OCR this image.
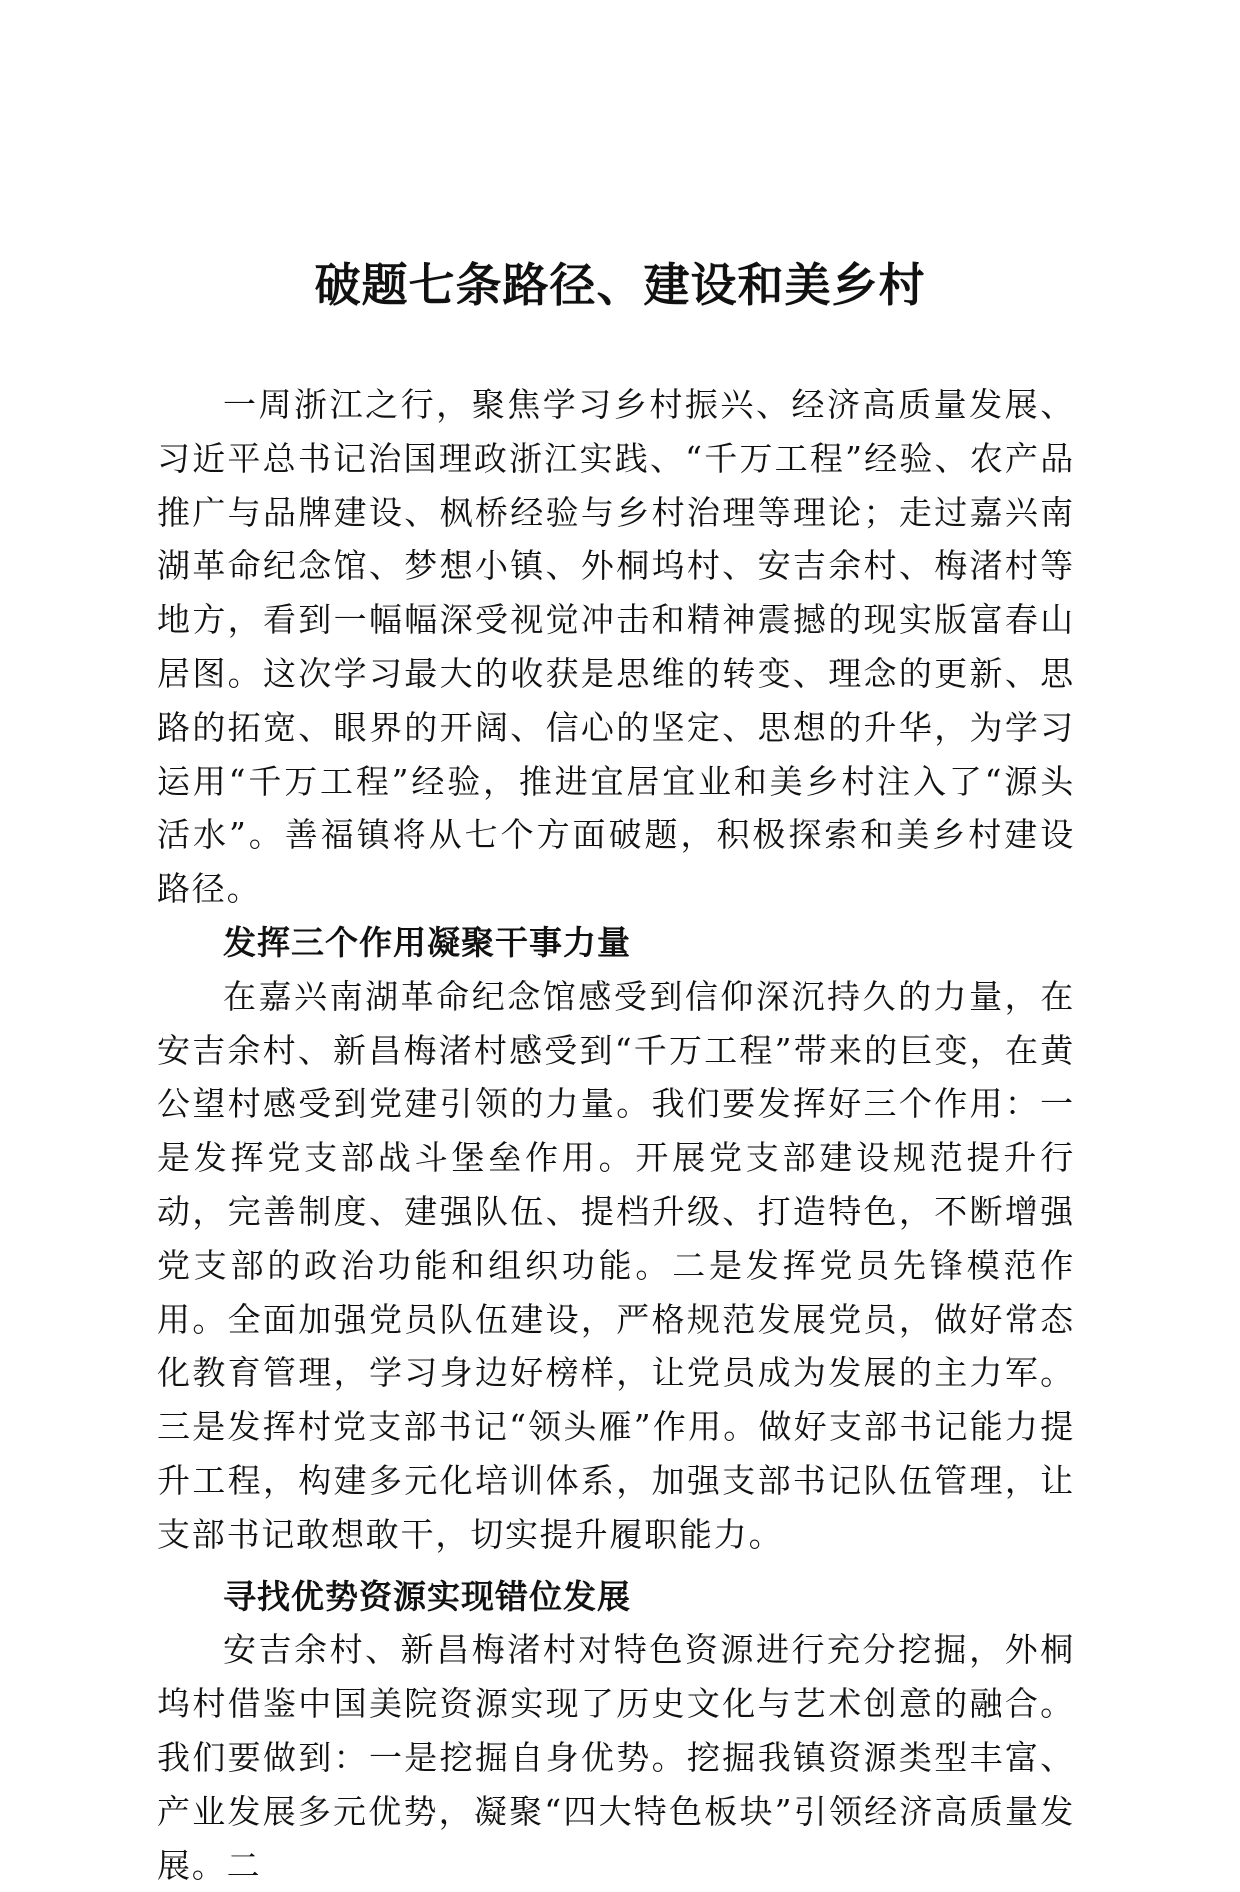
破题七条路径、建设和美乡村

一周浙江之行，聚焦学习乡村振兴、经济高质量发展、习近平总书记治国理政浙江实践、“千万工程”经验、农产品推广与品牌建设、枫桥经验与乡村治理等理论；走过嘉兴南湖革命纪念馆、梦想小镇、外桐坞村、安吉余村、梅渚村等地方，看到一幅幅深受视觉冲击和精神震撼的现实版富春山居图。这次学习最大的收获是思维的转变、理念的更新、思路的拓宽、眼界的开阔、信心的坚定、思想的升华，为学习运用“千万工程”经验，推进宜居宜业和美乡村注入了“源头活水”。善福镇将从七个方面破题，积极探索和美乡村建设路径。

发挥三个作用凝聚干事力量

在嘉兴南湖革命纪念馆感受到信仰深沉持久的力量，在安吉余村、新昌梅渚村感受到“千万工程”带来的巨变，在黄公望村感受到党建引领的力量。我们要发挥好三个作用：一是发挥党支部战斗堡垒作用。开展党支部建设规范提升行动，完善制度、建强队伍、提档升级、打造特色，不断增强党支部的政治功能和组织功能。二是发挥党员先锋模范作用。全面加强党员队伍建设，严格规范发展党员，做好常态化教育管理，学习身边好榜样，让党员成为发展的主力军。三是发挥村党支部书记“领头雁”作用。做好支部书记能力提升工程，构建多元化培训体系，加强支部书记队伍管理，让支部书记敢想敢干，切实提升履职能力。

寻找优势资源实现错位发展

安吉余村、新昌梅渚村对特色资源进行充分挖掘，外桐坞村借鉴中国美院资源实现了历史文化与艺术创意的融合。我们要做到：一是挖掘自身优势。挖掘我镇资源类型丰富、产业发展多元优势，凝聚“四大特色板块”引领经济高质量发展。二
